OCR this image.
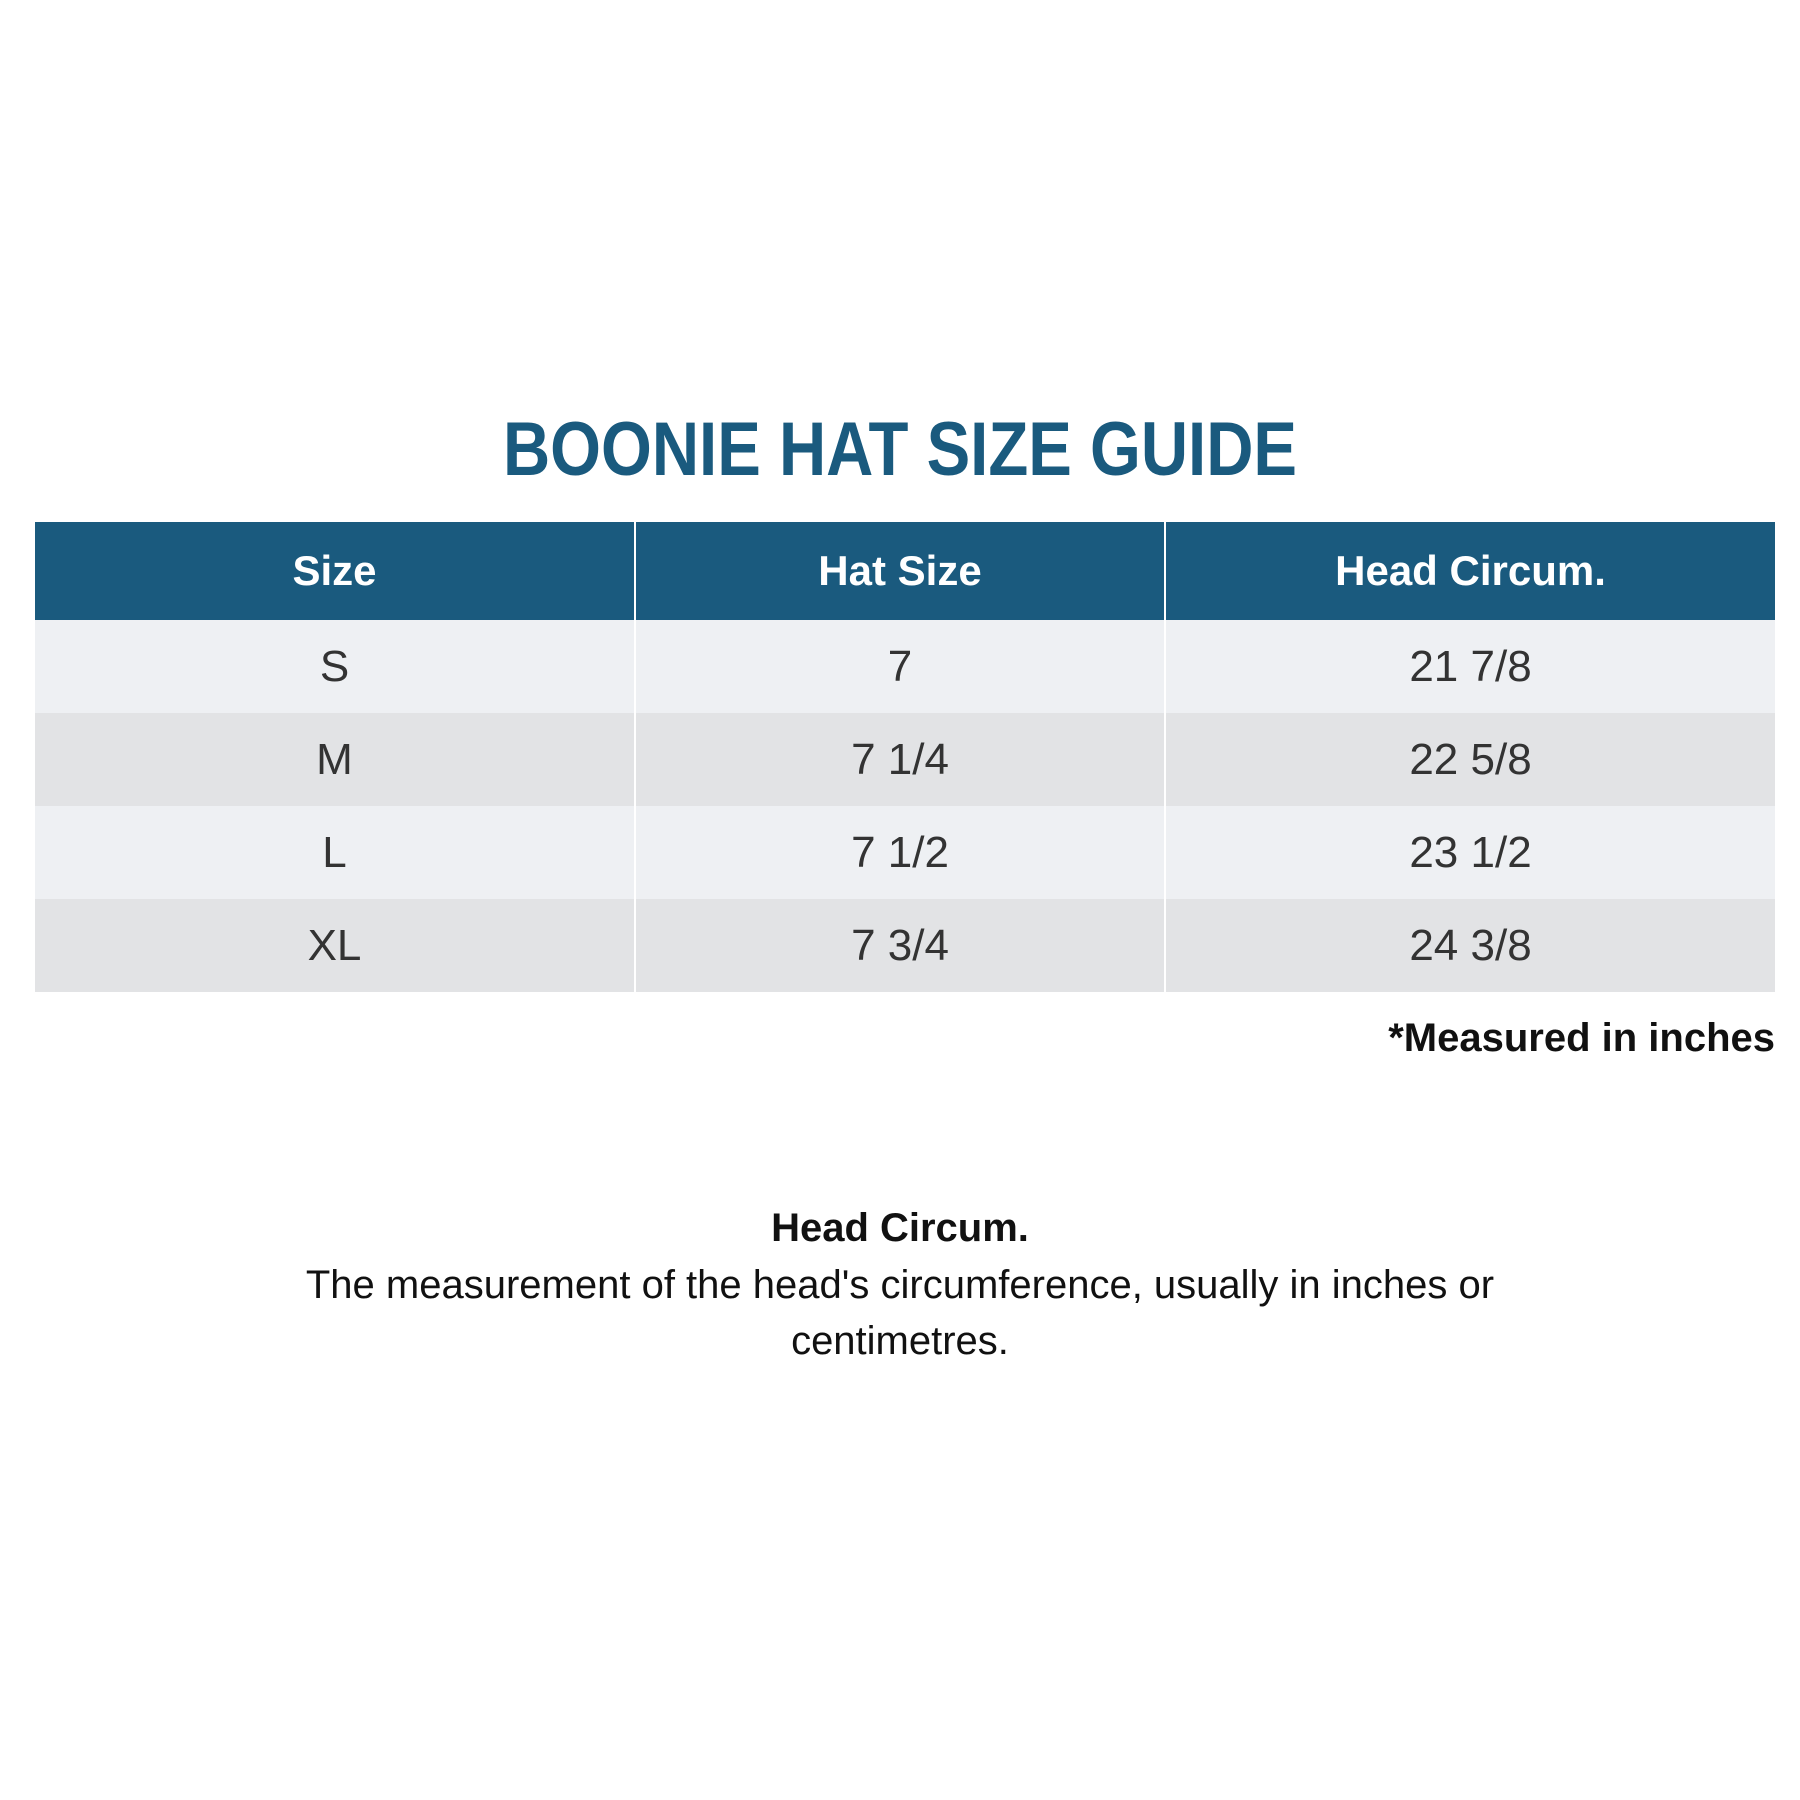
BOONIE HAT SIZE GUIDE
Size	Hat Size	Head Circum.
S	7	21 7/8
M	7 1/4	22 5/8
L	7 1/2	23 1/2
XL	7 3/4	24 3/8
*Measured in inches
Head Circum.
The measurement of the head's circumference, usually in inches or centimetres.
